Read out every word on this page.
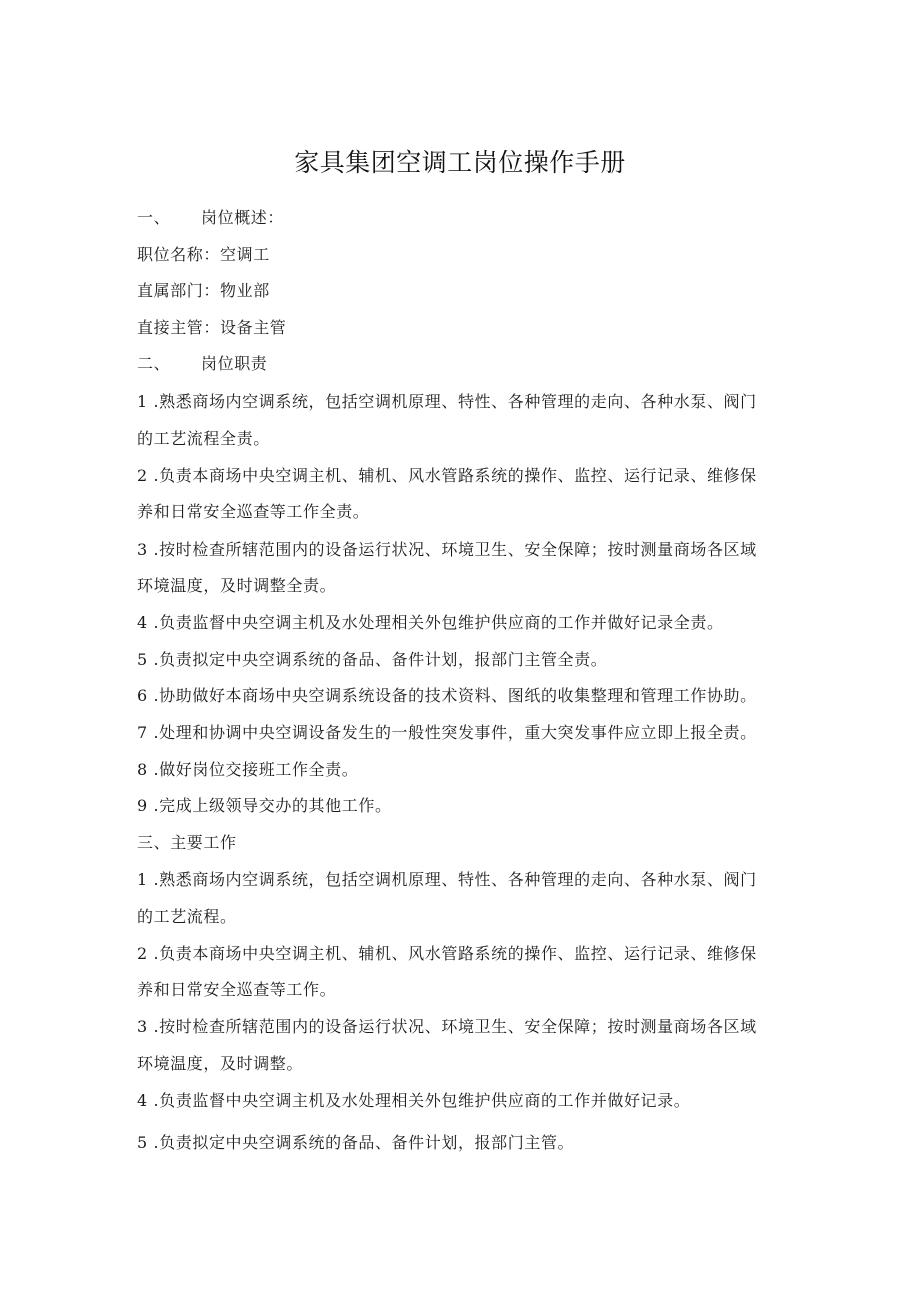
家具集团空调工岗位操作手册
一、 岗位概述：
职位名称：空调工
直属部门：物业部
直接主管：设备主管
二、 岗位职责
1 .熟悉商场内空调系统，包括空调机原理、特性、各种管理的走向、各种水泵、阀门
的工艺流程全责。
2 .负责本商场中央空调主机、辅机、风水管路系统的操作、监控、运行记录、维修保
养和日常安全巡查等工作全责。
3 .按时检查所辖范围内的设备运行状况、环境卫生、安全保障；按时测量商场各区域
环境温度，及时调整全责。
4 .负责监督中央空调主机及水处理相关外包维护供应商的工作并做好记录全责。
5 .负责拟定中央空调系统的备品、备件计划，报部门主管全责。
6 .协助做好本商场中央空调系统设备的技术资料、图纸的收集整理和管理工作协助。
7 .处理和协调中央空调设备发生的一般性突发事件，重大突发事件应立即上报全责。
8 .做好岗位交接班工作全责。
9 .完成上级领导交办的其他工作。
三、主要工作
1 .熟悉商场内空调系统，包括空调机原理、特性、各种管理的走向、各种水泵、阀门
的工艺流程。
2 .负责本商场中央空调主机、辅机、风水管路系统的操作、监控、运行记录、维修保
养和日常安全巡查等工作。
3 .按时检查所辖范围内的设备运行状况、环境卫生、安全保障；按时测量商场各区域
环境温度，及时调整。
4 .负责监督中央空调主机及水处理相关外包维护供应商的工作并做好记录。
5 .负责拟定中央空调系统的备品、备件计划，报部门主管。
